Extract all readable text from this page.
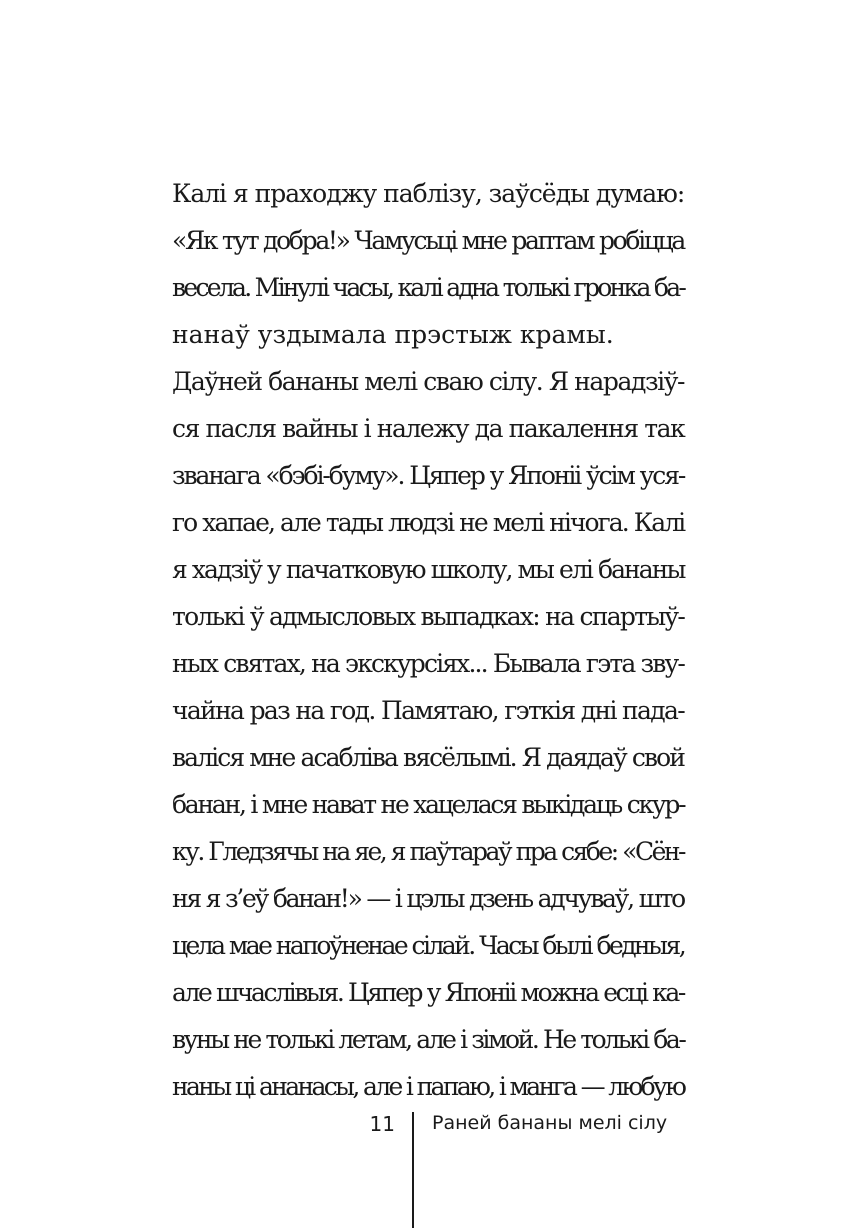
Калі я праходжу паблізу, заўсёды думаю:
«Як тут добра!» Чамусьці мне раптам робіцца
весела. Мінулі часы, калі адна толькі гронка ба-
нанаў уздымала прэстыж крамы.
Даўней бананы мелі сваю сілу. Я нарадзіў-
ся пасля вайны і належу да пакалення так
званага «бэбі-буму». Цяпер у Японіі ўсім уся-
го хапае, але тады людзі не мелі нічога. Калі
я хадзіў у пачатковую школу, мы елі бананы
толькі ў адмысловых выпадках: на спартыў-
ных святах, на экскурсіях... Бывала гэта зву-
чайна раз на год. Памятаю, гэткія дні пада-
валіся мне асабліва вясёлымі. Я даядаў свой
банан, і мне нават не хацелася выкідаць скур-
ку. Гледзячы на яе, я паўтараў пра сябе: «Сён-
ня я з’еў банан!» — і цэлы дзень адчуваў, што
цела мае напоўненае сілай. Часы былі бедныя,
але шчаслівыя. Цяпер у Японіі можна есці ка-
вуны не толькі летам, але і зімой. Не толькі ба-
наны ці ананасы, але і папаю, і манга — любую
11 Раней бананы мелі сілу
